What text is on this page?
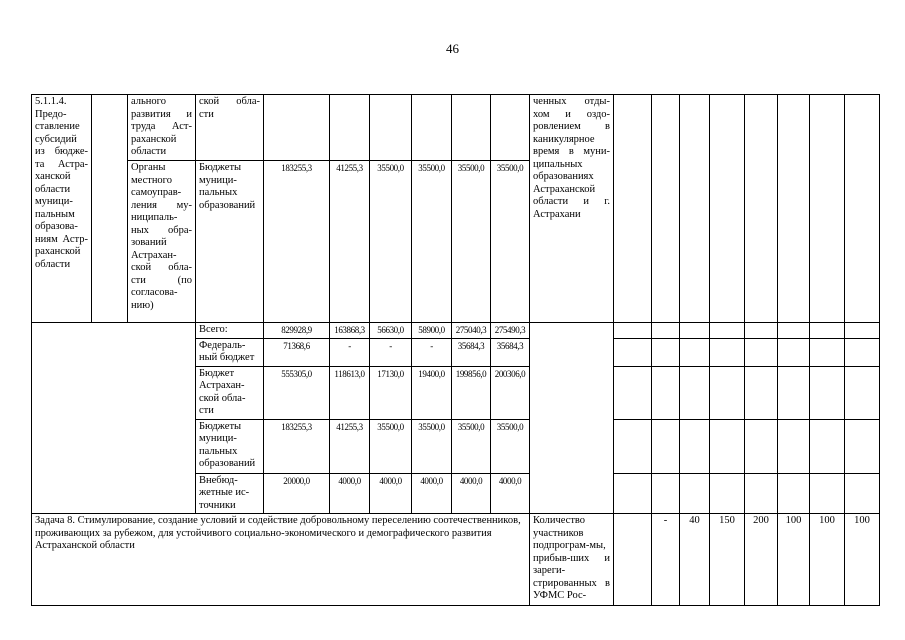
46
5.1.1.4. Предо-ставление субсидий из бюдже-та Астра-ханской области муници-пальным образова-ниям Астр-раханской области		ального развития и труда Аст-раханской области	ской обла-сти							ченных отды-хом и оздо-ровлением в каникулярное время в муни-ципальных образованиях Астраханской области и г. Астрахани								
		Органы местного самоуправ-ления му-ниципаль-ных обра-зований Астрахан-ской обла-сти (по согласова-нию)	Бюджеты муници-пальных образований	183255,3	41255,3	35500,0	35500,0	35500,0	35500,0									
			Всего:	829928,9	163868,3	56630,0	58900,0	275040,3	275490,3									
			Федераль-ный бюджет	71368,6	-	-	-	35684,3	35684,3									
			Бюджет Астрахан-ской обла-сти	555305,0	118613,0	17130,0	19400,0	199856,0	200306,0									
			Бюджеты муници-пальных образований	183255,3	41255,3	35500,0	35500,0	35500,0	35500,0									
			Внебюд-жетные ис-точники	20000,0	4000,0	4000,0	4000,0	4000,0	4000,0									
Задача 8. Стимулирование, создание условий и содействие добровольному переселению соотечественников, проживающих за рубежом, для устойчивого социально-экономического и демографического развития Астраханской области										Количество участников подпрограм-мы, прибыв-ших и зареги-стрированных в УФМС Рос-		-	40	150	200	100	100	100
